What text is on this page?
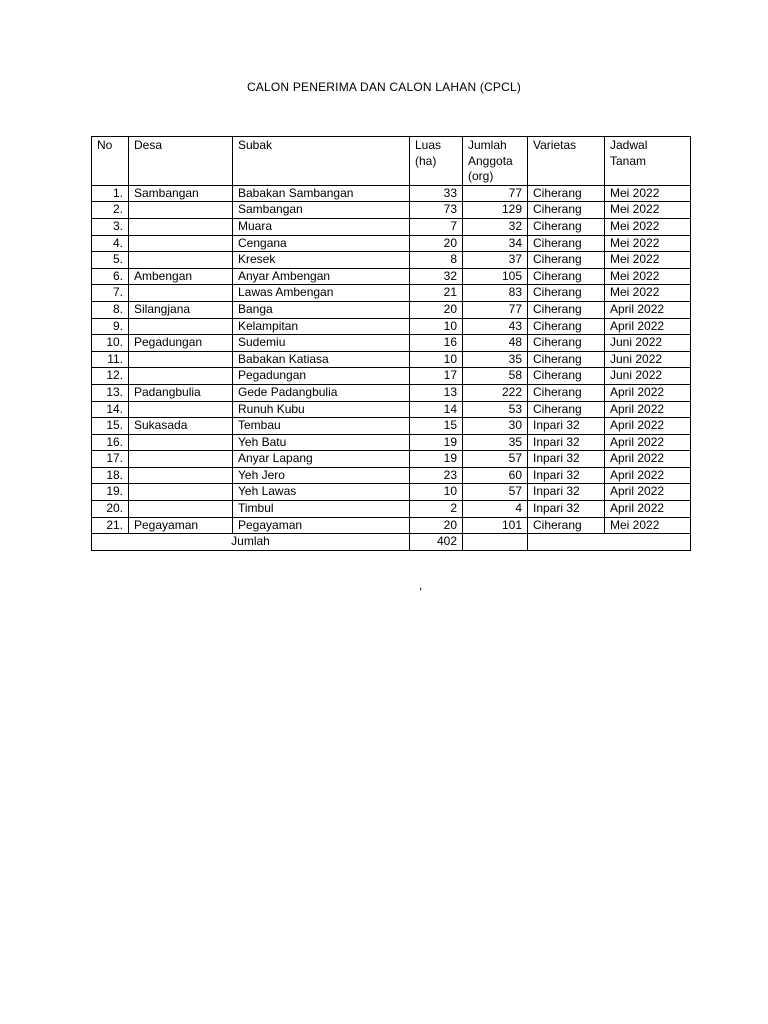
CALON PENERIMA DAN CALON LAHAN (CPCL)
No	Desa	Subak	Luas (ha)	Jumlah Anggota (org)	Varietas	Jadwal Tanam
1.	Sambangan	Babakan Sambangan	33	77	Ciherang	Mei 2022
2.		Sambangan	73	129	Ciherang	Mei 2022
3.		Muara	7	32	Ciherang	Mei 2022
4.		Cengana	20	34	Ciherang	Mei 2022
5.		Kresek	8	37	Ciherang	Mei 2022
6.	Ambengan	Anyar Ambengan	32	105	Ciherang	Mei 2022
7.		Lawas Ambengan	21	83	Ciherang	Mei 2022
8.	Silangjana	Banga	20	77	Ciherang	April 2022
9.		Kelampitan	10	43	Ciherang	April 2022
10.	Pegadungan	Sudemiu	16	48	Ciherang	Juni 2022
11.		Babakan Katiasa	10	35	Ciherang	Juni 2022
12.		Pegadungan	17	58	Ciherang	Juni 2022
13.	Padangbulia	Gede Padangbulia	13	222	Ciherang	April 2022
14.		Runuh Kubu	14	53	Ciherang	April 2022
15.	Sukasada	Tembau	15	30	Inpari 32	April 2022
16.		Yeh Batu	19	35	Inpari 32	April 2022
17.		Anyar Lapang	19	57	Inpari 32	April 2022
18.		Yeh Jero	23	60	Inpari 32	April 2022
19.		Yeh Lawas	10	57	Inpari 32	April 2022
20.		Timbul	2	4	Inpari 32	April 2022
21.	Pegayaman	Pegayaman	20	101	Ciherang	Mei 2022
Jumlah			402			
,
